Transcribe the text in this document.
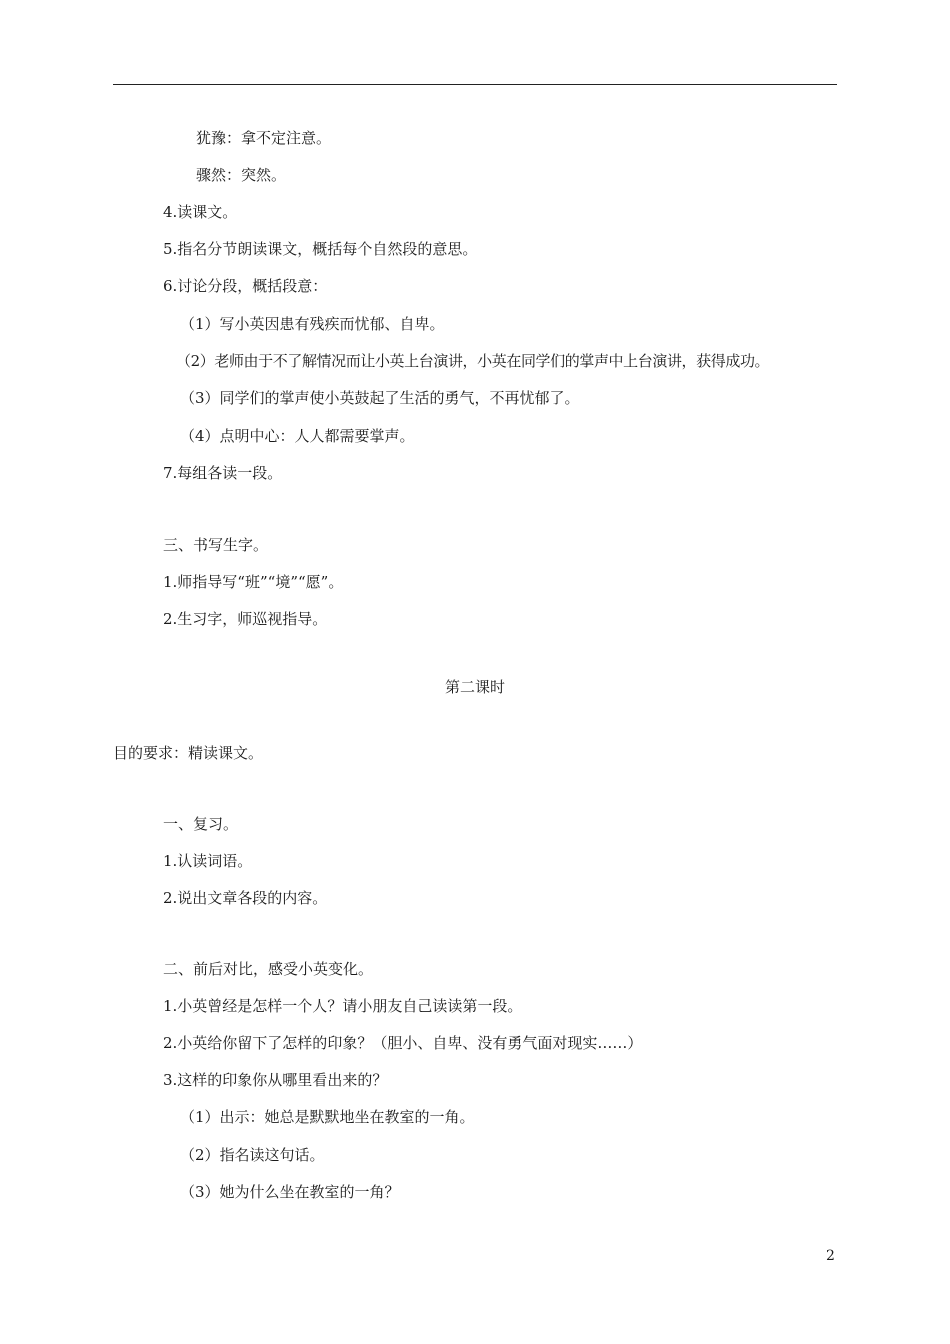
犹豫：拿不定注意。
骤然：突然。
4.读课文。
5.指名分节朗读课文，概括每个自然段的意思。
6.讨论分段，概括段意：
（1）写小英因患有残疾而忧郁、自卑。
（2）老师由于不了解情况而让小英上台演讲，小英在同学们的掌声中上台演讲，获得成功。
（3）同学们的掌声使小英鼓起了生活的勇气，不再忧郁了。
（4）点明中心：人人都需要掌声。
7.每组各读一段。
三、书写生字。
1.师指导写“班”“境”“愿”。
2.生习字，师巡视指导。
第二课时
目的要求：精读课文。
一、复习。
1.认读词语。
2.说出文章各段的内容。
二、前后对比，感受小英变化。
1.小英曾经是怎样一个人？请小朋友自己读读第一段。
2.小英给你留下了怎样的印象？（胆小、自卑、没有勇气面对现实……）
3.这样的印象你从哪里看出来的？
（1）出示：她总是默默地坐在教室的一角。
（2）指名读这句话。
（3）她为什么坐在教室的一角？
2
